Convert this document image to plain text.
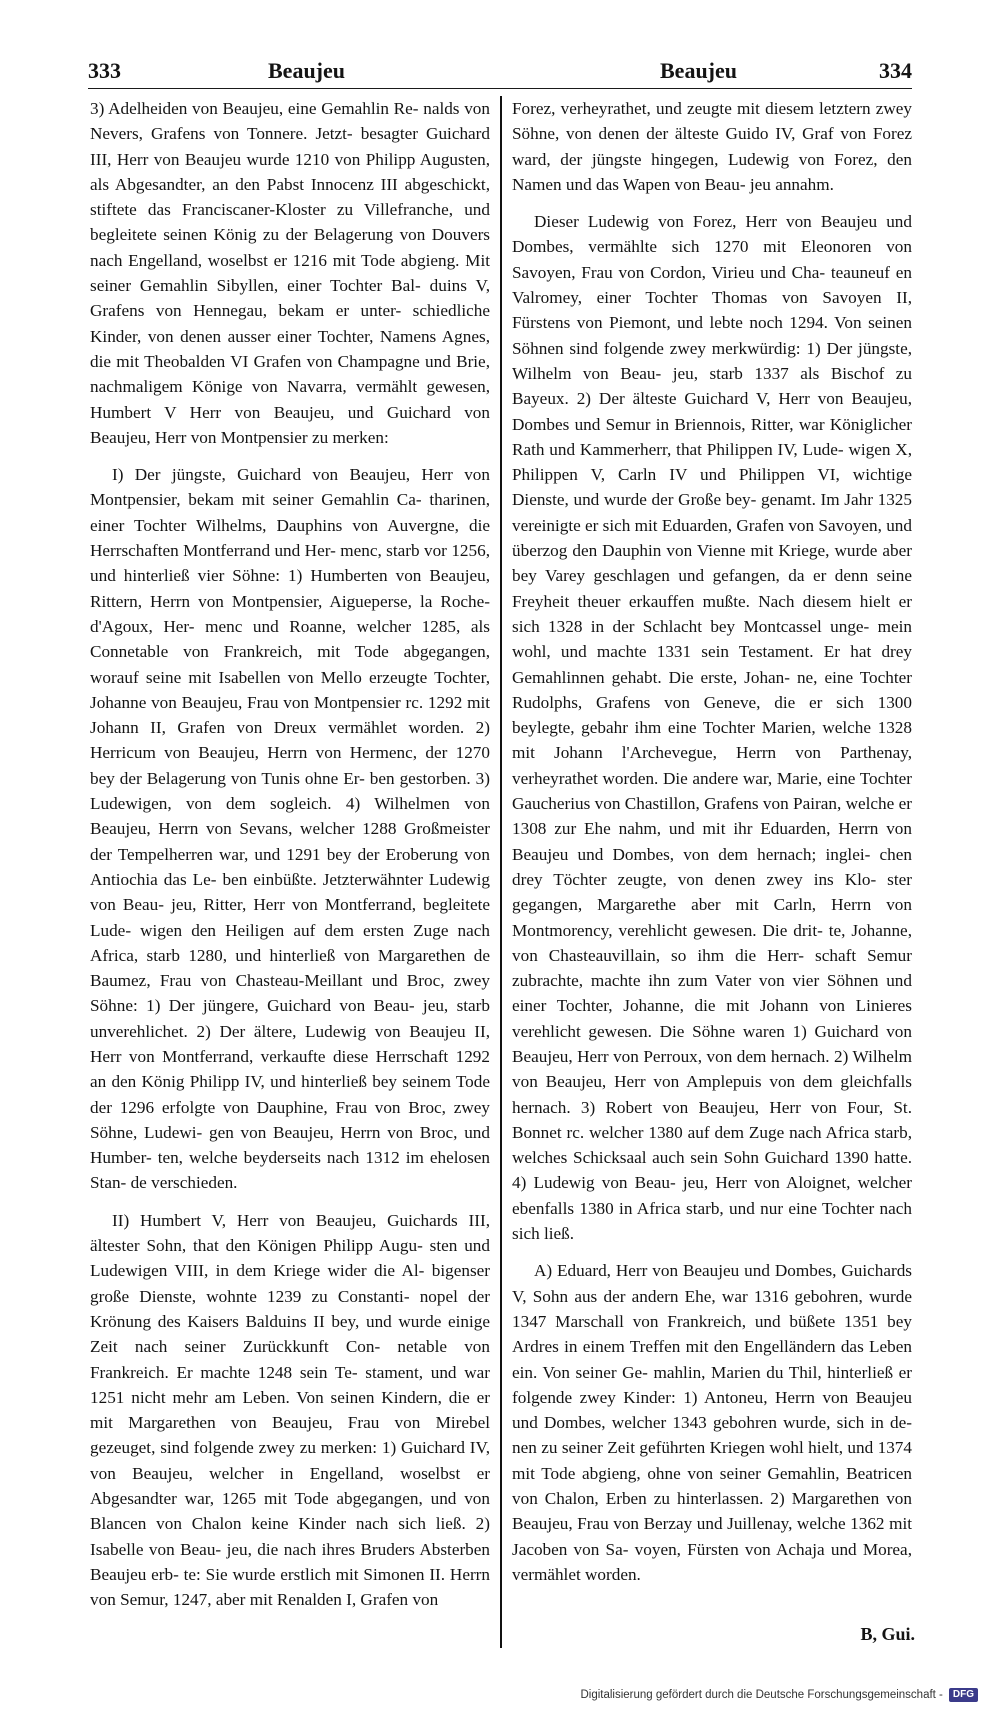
333	Beaujeu	Beaujeu	334

3) Adelheiden von Beaujeu, eine Gemahlin Re- nalds von Nevers, Grafens von Tonnere. Jetzt- besagter Guichard III, Herr von Beaujeu wurde 1210 von Philipp Augusten, als Abgesandter, an den Pabst Innocenz III abgeschickt, stiftete das Franciscaner-Kloster zu Villefranche, und begleitete seinen König zu der Belagerung von Douvers nach Engelland, woselbst er 1216 mit Tode abgieng. Mit seiner Gemahlin Sibyllen, einer Tochter Bal- duins V, Grafens von Hennegau, bekam er unter- schiedliche Kinder, von denen ausser einer Tochter, Namens Agnes, die mit Theobalden VI Grafen von Champagne und Brie, nachmaligem Könige von Navarra, vermählt gewesen, Humbert V Herr von Beaujeu, und Guichard von Beaujeu, Herr von Montpensier zu merken:

I) Der jüngste, Guichard von Beaujeu, Herr von Montpensier, bekam mit seiner Gemahlin Ca- tharinen, einer Tochter Wilhelms, Dauphins von Auvergne, die Herrschaften Montferrand und Her- menc, starb vor 1256, und hinterließ vier Söhne: 1) Humberten von Beaujeu, Rittern, Herrn von Montpensier, Aigueperse, la Roche-d'Agoux, Her- menc und Roanne, welcher 1285, als Connetable von Frankreich, mit Tode abgegangen, worauf seine mit Isabellen von Mello erzeugte Tochter, Johanne von Beaujeu, Frau von Montpensier rc. 1292 mit Johann II, Grafen von Dreux vermählet worden. 2) Herricum von Beaujeu, Herrn von Hermenc, der 1270 bey der Belagerung von Tunis ohne Er- ben gestorben. 3) Ludewigen, von dem sogleich. 4) Wilhelmen von Beaujeu, Herrn von Sevans, welcher 1288 Großmeister der Tempelherren war, und 1291 bey der Eroberung von Antiochia das Le- ben einbüßte. Jetzterwähnter Ludewig von Beau- jeu, Ritter, Herr von Montferrand, begleitete Lude- wigen den Heiligen auf dem ersten Zuge nach Africa, starb 1280, und hinterließ von Margarethen de Baumez, Frau von Chasteau-Meillant und Broc, zwey Söhne: 1) Der jüngere, Guichard von Beau- jeu, starb unverehlichet. 2) Der ältere, Ludewig von Beaujeu II, Herr von Montferrand, verkaufte diese Herrschaft 1292 an den König Philipp IV, und hinterließ bey seinem Tode der 1296 erfolgte von Dauphine, Frau von Broc, zwey Söhne, Ludewi- gen von Beaujeu, Herrn von Broc, und Humber- ten, welche beyderseits nach 1312 im ehelosen Stan- de verschieden.

II) Humbert V, Herr von Beaujeu, Guichards III, ältester Sohn, that den Königen Philipp Augu- sten und Ludewigen VIII, in dem Kriege wider die Al- bigenser große Dienste, wohnte 1239 zu Constanti- nopel der Krönung des Kaisers Balduins II bey, und wurde einige Zeit nach seiner Zurückkunft Con- netable von Frankreich. Er machte 1248 sein Te- stament, und war 1251 nicht mehr am Leben. Von seinen Kindern, die er mit Margarethen von Beaujeu, Frau von Mirebel gezeuget, sind folgende zwey zu merken: 1) Guichard IV, von Beaujeu, welcher in Engelland, woselbst er Abgesandter war, 1265 mit Tode abgegangen, und von Blancen von Chalon keine Kinder nach sich ließ. 2) Isabelle von Beau- jeu, die nach ihres Bruders Absterben Beaujeu erb- te: Sie wurde erstlich mit Simonen II. Herrn von Semur, 1247, aber mit Renalden I, Grafen von

Forez, verheyrathet, und zeugte mit diesem letztern zwey Söhne, von denen der älteste Guido IV, Graf von Forez ward, der jüngste hingegen, Ludewig von Forez, den Namen und das Wapen von Beau- jeu annahm.

Dieser Ludewig von Forez, Herr von Beaujeu und Dombes, vermählte sich 1270 mit Eleonoren von Savoyen, Frau von Cordon, Virieu und Cha- teauneuf en Valromey, einer Tochter Thomas von Savoyen II, Fürstens von Piemont, und lebte noch 1294. Von seinen Söhnen sind folgende zwey merkwürdig: 1) Der jüngste, Wilhelm von Beau- jeu, starb 1337 als Bischof zu Bayeux. 2) Der älteste Guichard V, Herr von Beaujeu, Dombes und Semur in Briennois, Ritter, war Königlicher Rath und Kammerherr, that Philippen IV, Lude- wigen X, Philippen V, Carln IV und Philippen VI, wichtige Dienste, und wurde der Große bey- genamt. Im Jahr 1325 vereinigte er sich mit Eduarden, Grafen von Savoyen, und überzog den Dauphin von Vienne mit Kriege, wurde aber bey Varey geschlagen und gefangen, da er denn seine Freyheit theuer erkauffen mußte. Nach diesem hielt er sich 1328 in der Schlacht bey Montcassel unge- mein wohl, und machte 1331 sein Testament. Er hat drey Gemahlinnen gehabt. Die erste, Johan- ne, eine Tochter Rudolphs, Grafens von Geneve, die er sich 1300 beylegte, gebahr ihm eine Tochter Marien, welche 1328 mit Johann l'Archevegue, Herrn von Parthenay, verheyrathet worden. Die andere war, Marie, eine Tochter Gaucherius von Chastillon, Grafens von Pairan, welche er 1308 zur Ehe nahm, und mit ihr Eduarden, Herrn von Beaujeu und Dombes, von dem hernach; inglei- chen drey Töchter zeugte, von denen zwey ins Klo- ster gegangen, Margarethe aber mit Carln, Herrn von Montmorency, verehlicht gewesen. Die drit- te, Johanne, von Chasteauvillain, so ihm die Herr- schaft Semur zubrachte, machte ihn zum Vater von vier Söhnen und einer Tochter, Johanne, die mit Johann von Linieres verehlicht gewesen. Die Söhne waren 1) Guichard von Beaujeu, Herr von Perroux, von dem hernach. 2) Wilhelm von Beaujeu, Herr von Amplepuis von dem gleichfalls hernach. 3) Robert von Beaujeu, Herr von Four, St. Bonnet rc. welcher 1380 auf dem Zuge nach Africa starb, welches Schicksaal auch sein Sohn Guichard 1390 hatte. 4) Ludewig von Beau- jeu, Herr von Aloignet, welcher ebenfalls 1380 in Africa starb, und nur eine Tochter nach sich ließ.

A) Eduard, Herr von Beaujeu und Dombes, Guichards V, Sohn aus der andern Ehe, war 1316 gebohren, wurde 1347 Marschall von Frankreich, und büßete 1351 bey Ardres in einem Treffen mit den Engelländern das Leben ein. Von seiner Ge- mahlin, Marien du Thil, hinterließ er folgende zwey Kinder: 1) Antoneu, Herrn von Beaujeu und Dombes, welcher 1343 gebohren wurde, sich in de- nen zu seiner Zeit geführten Kriegen wohl hielt, und 1374 mit Tode abgieng, ohne von seiner Gemahlin, Beatricen von Chalon, Erben zu hinterlassen. 2) Margarethen von Beaujeu, Frau von Berzay und Juillenay, welche 1362 mit Jacoben von Sa- voyen, Fürsten von Achaja und Morea, vermählet worden.

B, Gui.
Digitalisierung gefördert durch die Deutsche Forschungsgemeinschaft -	DFG
